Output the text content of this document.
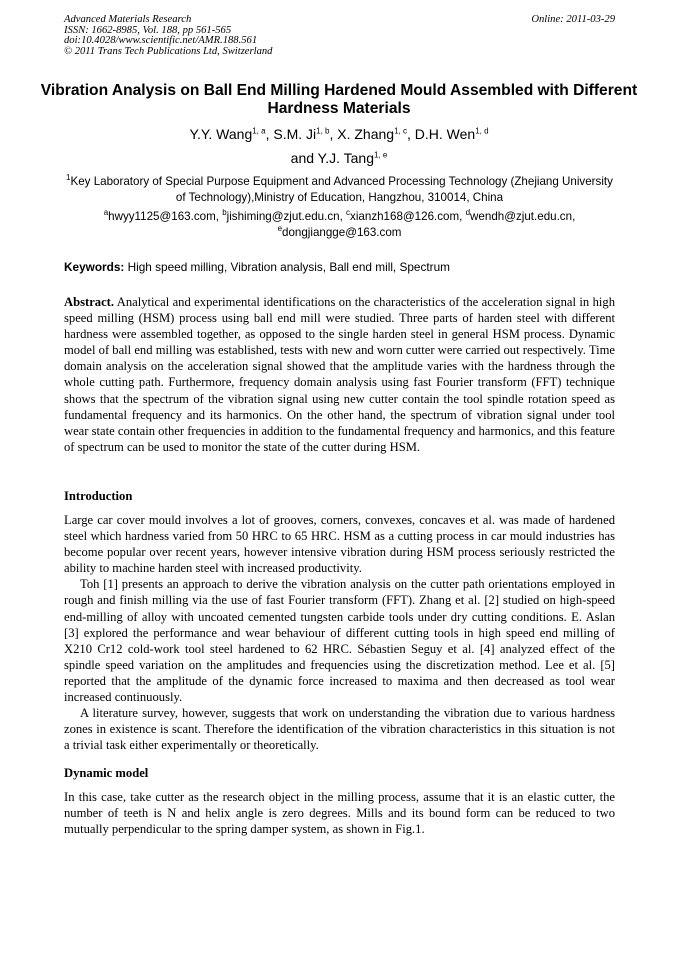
Advanced Materials Research
ISSN: 1662-8985, Vol. 188, pp 561-565
doi:10.4028/www.scientific.net/AMR.188.561
© 2011 Trans Tech Publications Ltd, Switzerland
Online: 2011-03-29
Vibration Analysis on Ball End Milling Hardened Mould Assembled with Different Hardness Materials
Y.Y. Wang$^{1, a}$, S.M. Ji$^{1, b}$, X. Zhang$^{1, c}$, D.H. Wen$^{1, d}$
and Y.J. Tang$^{1, e}$
$^1$Key Laboratory of Special Purpose Equipment and Advanced Processing Technology (Zhejiang University of Technology),Ministry of Education, Hangzhou, 310014, China
$^a$hwyy1125@163.com, $^b$jishiming@zjut.edu.cn, $^c$xianzh168@126.com, $^d$wendh@zjut.edu.cn,
$^e$dongjiangge@163.com
Keywords: High speed milling, Vibration analysis, Ball end mill, Spectrum

Abstract. Analytical and experimental identifications on the characteristics of the acceleration signal in high speed milling (HSM) process using ball end mill were studied. Three parts of harden steel with different hardness were assembled together, as opposed to the single harden steel in general HSM process. Dynamic model of ball end milling was established, tests with new and worn cutter were carried out respectively. Time domain analysis on the acceleration signal showed that the amplitude varies with the hardness through the whole cutting path. Furthermore, frequency domain analysis using fast Fourier transform (FFT) technique shows that the spectrum of the vibration signal using new cutter contain the tool spindle rotation speed as fundamental frequency and its harmonics. On the other hand, the spectrum of vibration signal under tool wear state contain other frequencies in addition to the fundamental frequency and harmonics, and this feature of spectrum can be used to monitor the state of the cutter during HSM.

Introduction

Large car cover mould involves a lot of grooves, corners, convexes, concaves et al. was made of hardened steel which hardness varied from 50 HRC to 65 HRC. HSM as a cutting process in car mould industries has become popular over recent years, however intensive vibration during HSM process seriously restricted the ability to machine harden steel with increased productivity.

Toh [1] presents an approach to derive the vibration analysis on the cutter path orientations employed in rough and finish milling via the use of fast Fourier transform (FFT). Zhang et al. [2] studied on high-speed end-milling of alloy with uncoated cemented tungsten carbide tools under dry cutting conditions. E. Aslan [3] explored the performance and wear behaviour of different cutting tools in high speed end milling of X210 Cr12 cold-work tool steel hardened to 62 HRC. Sébastien Seguy et al. [4] analyzed effect of the spindle speed variation on the amplitudes and frequencies using the discretization method. Lee et al. [5] reported that the amplitude of the dynamic force increased to maxima and then decreased as tool wear increased continuously.

A literature survey, however, suggests that work on understanding the vibration due to various hardness zones in existence is scant. Therefore the identification of the vibration characteristics in this situation is not a trivial task either experimentally or theoretically.

Dynamic model

In this case, take cutter as the research object in the milling process, assume that it is an elastic cutter, the number of teeth is N and helix angle is zero degrees. Mills and its bound form can be reduced to two mutually perpendicular to the spring damper system, as shown in Fig.1.
